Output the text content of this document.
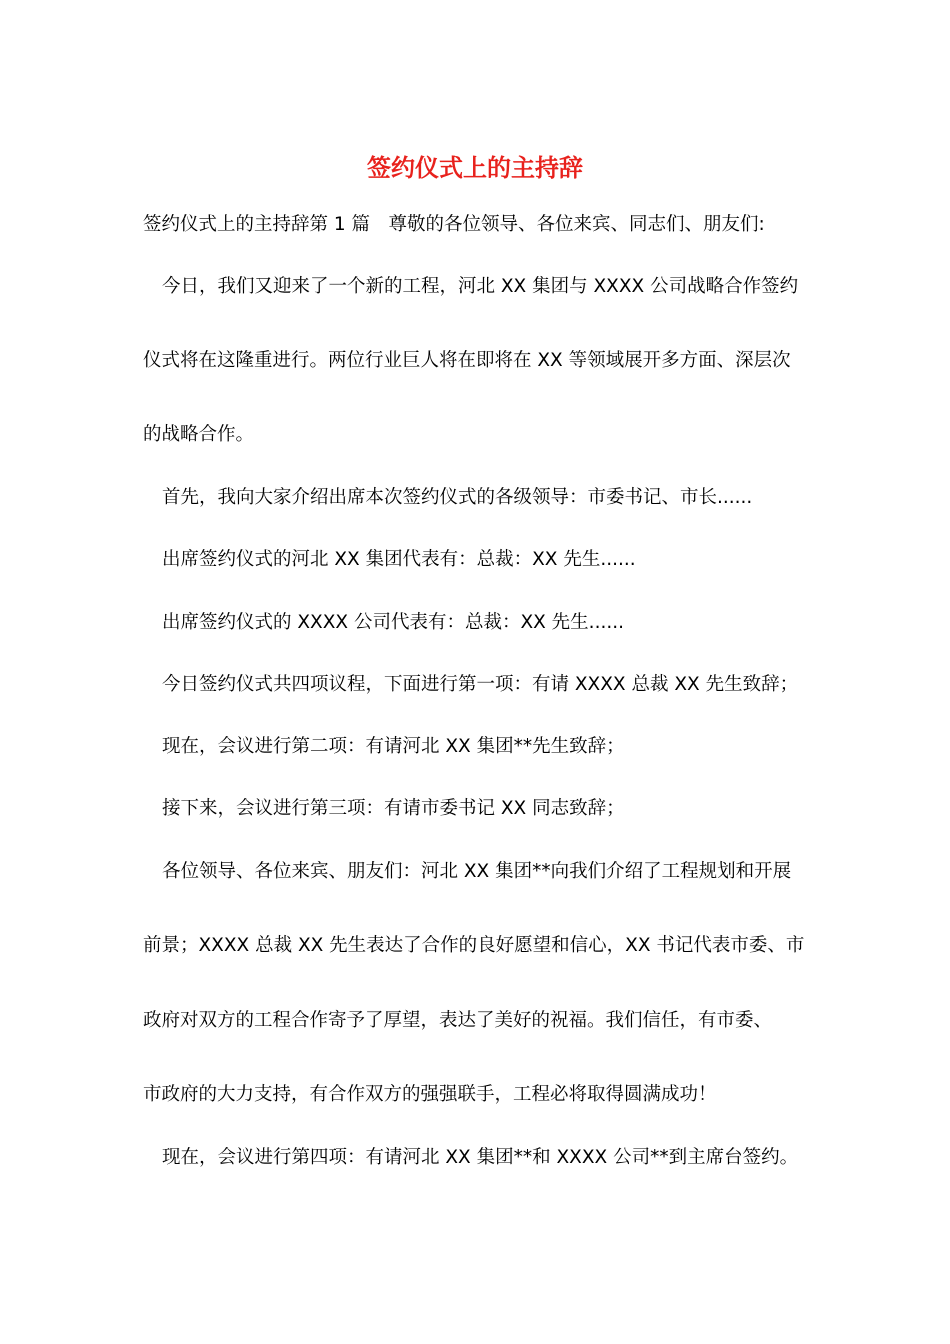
签约仪式上的主持辞
签约仪式上的主持辞第 1 篇　尊敬的各位领导、各位来宾、同志们、朋友们:
今日，我们又迎来了一个新的工程，河北 XX 集团与 XXXX 公司战略合作签约
仪式将在这隆重进行。两位行业巨人将在即将在 XX 等领域展开多方面、深层次
的战略合作。
首先，我向大家介绍出席本次签约仪式的各级领导：市委书记、市长......
出席签约仪式的河北 XX 集团代表有：总裁：XX 先生......
出席签约仪式的 XXXX 公司代表有：总裁：XX 先生......
今日签约仪式共四项议程，下面进行第一项：有请 XXXX 总裁 XX 先生致辞；
现在，会议进行第二项：有请河北 XX 集团**先生致辞；
接下来，会议进行第三项：有请市委书记 XX 同志致辞；
各位领导、各位来宾、朋友们：河北 XX 集团**向我们介绍了工程规划和开展
前景；XXXX 总裁 XX 先生表达了合作的良好愿望和信心，XX 书记代表市委、市
政府对双方的工程合作寄予了厚望，表达了美好的祝福。我们信任，有市委、
市政府的大力支持，有合作双方的强强联手，工程必将取得圆满成功！
现在，会议进行第四项：有请河北 XX 集团**和 XXXX 公司**到主席台签约。
